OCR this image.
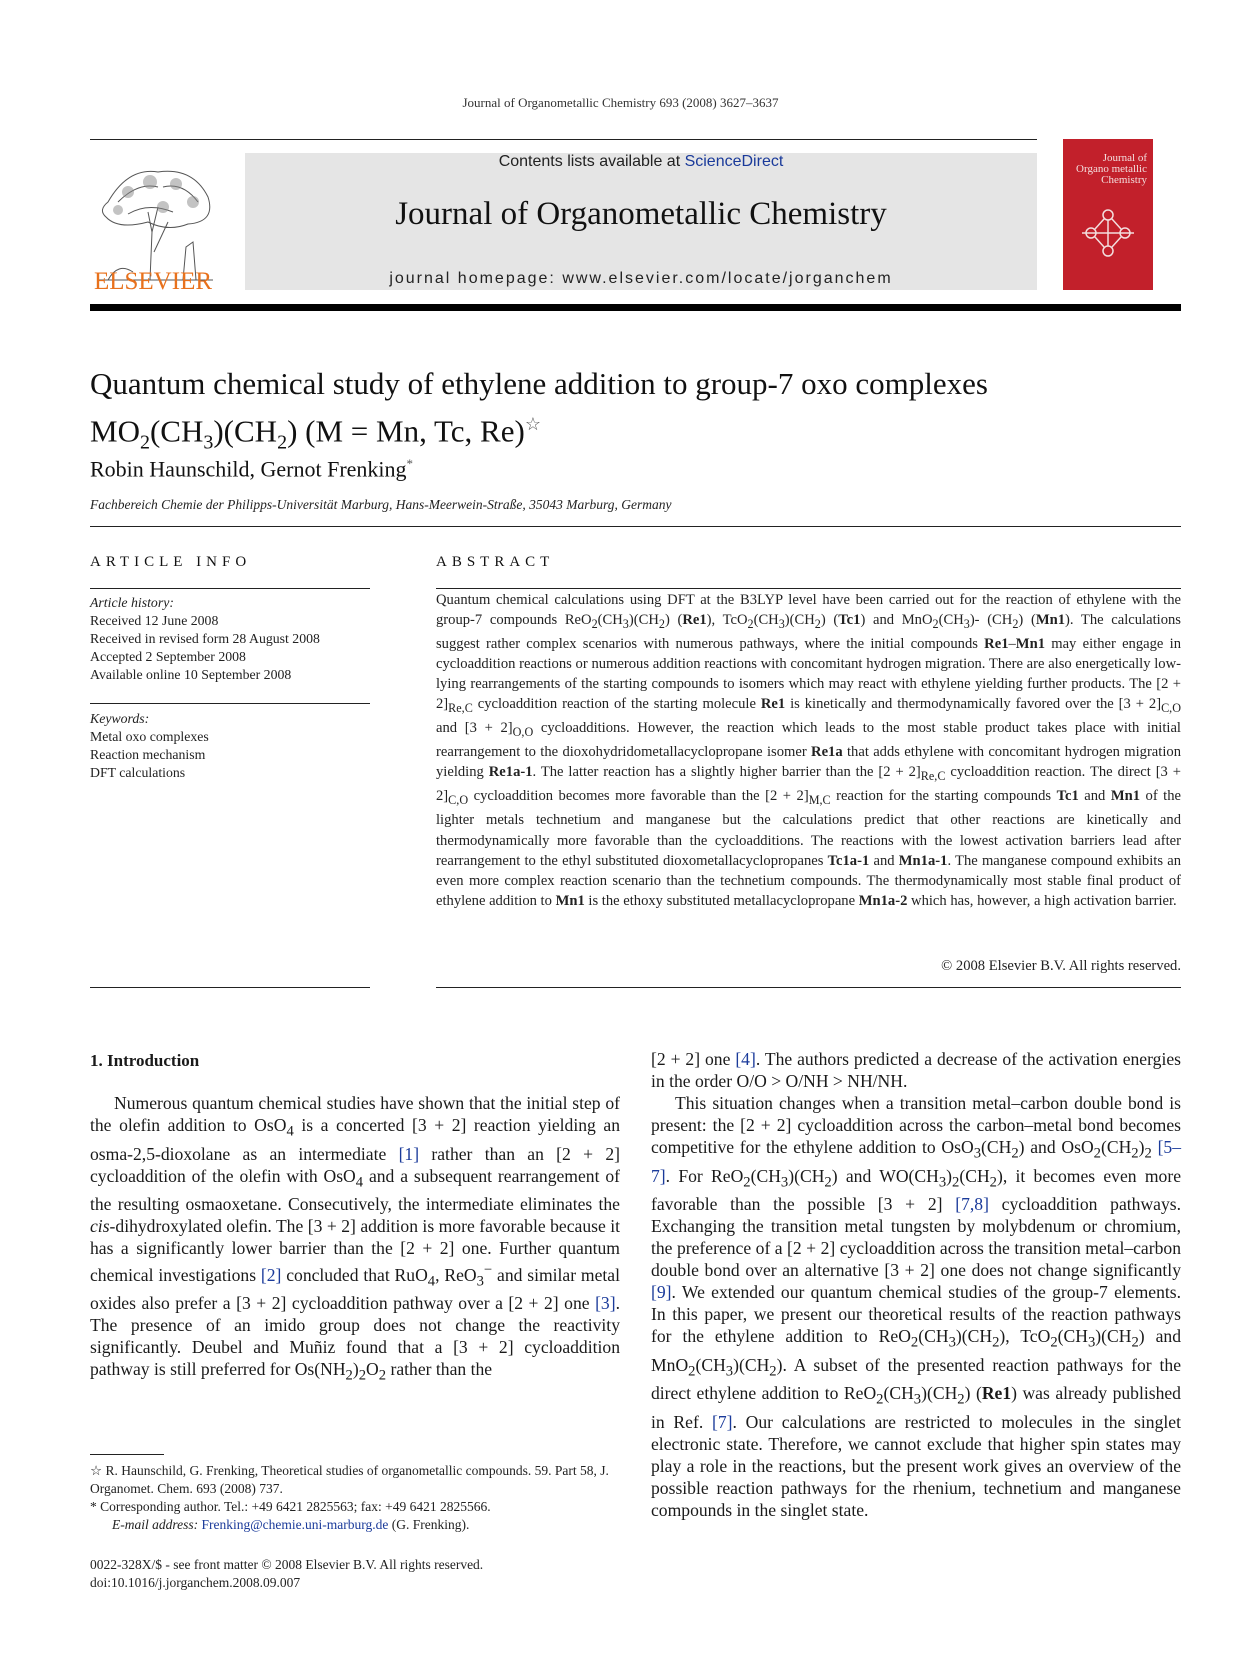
Journal of Organometallic Chemistry 693 (2008) 3627–3637
ELSEVIER
Contents lists available at ScienceDirect
Journal of Organometallic Chemistry
journal homepage: www.elsevier.com/locate/jorganchem
Journal of Organo metallic Chemistry
Quantum chemical study of ethylene addition to group-7 oxo complexes
$MO_2(CH_3)(CH_2) (M = Mn$, Tc, Re)☆
Robin Haunschild, Gernot Frenking*
Fachbereich Chemie der Philipps-Universität Marburg, Hans-Meerwein-Straße, 35043 Marburg, Germany
ARTICLE INFO
Article history:
Received 12 June 2008
Received in revised form 28 August 2008
Accepted 2 September 2008
Available online 10 September 2008
Keywords:
Metal oxo complexes
Reaction mechanism
DFT calculations
ABSTRACT
Quantum chemical calculations using DFT at the B3LYP level have been carried out for the reaction of ethylene with the group-7 compounds $ReO_2(CH_3)(CH_2)$ (Re1), $TcO_2(CH_3)(CH_2)$ (Tc1) and $MnO_2(CH_3)-$ $(CH_2)$ (Mn1). The calculations suggest rather complex scenarios with numerous pathways, where the initial compounds Re1–Mn1 may either engage in cycloaddition reactions or numerous addition reactions with concomitant hydrogen migration. There are also energetically low-lying rearrangements of the starting compounds to isomers which may react with ethylene yielding further products. The $[2 + 2]_{Re,C}$ cycloaddition reaction of the starting molecule Re1 is kinetically and thermodynamically favored over the $[3 + 2]_{C,O}$ and $[3 + 2]_{O,O}$ cycloadditions. However, the reaction which leads to the most stable product takes place with initial rearrangement to the dioxohydridometallacyclopropane isomer Re1a that adds ethylene with concomitant hydrogen migration yielding Re1a-1. The latter reaction has a slightly higher barrier than the $[2 + 2]_{Re,C}$ cycloaddition reaction. The direct $[3 + 2]_{C,O}$ cycloaddition becomes more favorable than the $[2 + 2]_{M,C}$ reaction for the starting compounds Tc1 and Mn1 of the lighter metals technetium and manganese but the calculations predict that other reactions are kinetically and thermodynamically more favorable than the cycloadditions. The reactions with the lowest activation barriers lead after rearrangement to the ethyl substituted dioxometallacyclopropanes Tc1a-1 and Mn1a-1. The manganese compound exhibits an even more complex reaction scenario than the technetium compounds. The thermodynamically most stable final product of ethylene addition to Mn1 is the ethoxy substituted metallacyclopropane Mn1a-2 which has, however, a high activation barrier.
© 2008 Elsevier B.V. All rights reserved.
1. Introduction

Numerous quantum chemical studies have shown that the initial step of the olefin addition to OsO$_4$ is a concerted [3 + 2] reaction yielding an osma-2,5-dioxolane as an intermediate [1] rather than an [2 + 2] cycloaddition of the olefin with OsO$_4$ and a subsequent rearrangement of the resulting osmaoxetane. Consecutively, the intermediate eliminates the cis-dihydroxylated olefin. The [3 + 2] addition is more favorable because it has a significantly lower barrier than the [2 + 2] one. Further quantum chemical investigations [2] concluded that RuO$_4$, ReO$_3$− and similar metal oxides also prefer a [3 + 2] cycloaddition pathway over a [2 + 2] one [3]. The presence of an imido group does not change the reactivity significantly. Deubel and Muñiz found that a [3 + 2] cycloaddition pathway is still preferred for $Os(NH_2)_2O_2$ rather than the

[2 + 2] one [4]. The authors predicted a decrease of the activation energies in the order O/O > O/NH > NH/NH.

This situation changes when a transition metal–carbon double bond is present: the [2 + 2] cycloaddition across the carbon–metal bond becomes competitive for the ethylene addition to $OsO_3(CH_2)$ and $OsO_2(CH_2)_2$ [5–7]. For $ReO_2(CH_3)(CH_2)$ and $WO(CH_3)_2(CH_2)$, it becomes even more favorable than the possible [3 + 2] [7,8] cycloaddition pathways. Exchanging the transition metal tungsten by molybdenum or chromium, the preference of a [2 + 2] cycloaddition across the transition metal–carbon double bond over an alternative [3 + 2] one does not change significantly [9]. We extended our quantum chemical studies of the group-7 elements. In this paper, we present our theoretical results of the reaction pathways for the ethylene addition to $ReO_2(CH_3)(CH_2)$, $TcO_2(CH_3)(CH_2)$ and $MnO_2(CH_3)(CH_2)$. A subset of the presented reaction pathways for the direct ethylene addition to $ReO_2(CH_3)(CH_2)$ (Re1) was already published in Ref. [7]. Our calculations are restricted to molecules in the singlet electronic state. Therefore, we cannot exclude that higher spin states may play a role in the reactions, but the present work gives an overview of the possible reaction pathways for the rhenium, technetium and manganese compounds in the singlet state.

☆ R. Haunschild, G. Frenking, Theoretical studies of organometallic compounds. 59. Part 58, J. Organomet. Chem. 693 (2008) 737.
* Corresponding author. Tel.: +49 6421 2825563; fax: +49 6421 2825566.
E-mail address: Frenking@chemie.uni-marburg.de (G. Frenking).
0022-328X/$ - see front matter © 2008 Elsevier B.V. All rights reserved.
doi:10.1016/j.jorganchem.2008.09.007
